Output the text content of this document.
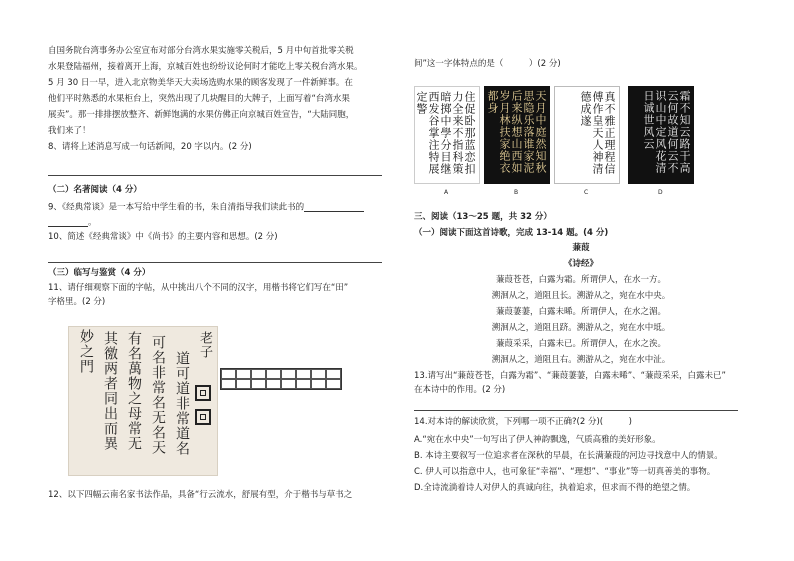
自国务院台湾事务办公室宣布对部分台湾水果实施零关税后，5 月中旬首批零关税
水果登陆福州，接着离开上海，京城百姓也纷纷议论何时才能吃上零关税台湾水果。
5 月 30 日一早，进入北京物美华天大卖场选购水果的顾客发现了一件新鲜事。在
他们平时熟悉的水果柜台上，突然出现了几块醒目的大牌子，上面写着“台湾水果
展卖”。那一排排摆放整齐、新鲜饱满的水果仿佛正向京城百姓宣告，“大陆同胞，
我们来了！
8、请将上述消息写成一句话新闻，20 字以内。(2 分)
（二）名著阅读（4 分）
9、《经典常谈》是一本写给中学生看的书，朱自清指导我们读此书的
。
10、简述《经典常谈》中《尚书》的主要内容和思想。(2 分)
（三）临写与鉴赏（4 分）
11、请仔细观察下面的字帖，从中挑出八个不同的汉字，用楷书将它们写在“田”
字格里。(2 分)
老子
道可道非常道名
可名非常名无名天
有名萬物之母常无
其徼两者同出而異
妙之門
12、以下四幅云南名家书法作品，具备“行云流水，舒展有型，介于楷书与草书之
间”这一字体特点的是（　　　）(2 分)
住促卧那蓝恋扣力全来不指科策暗掷中學分目继西发谷掌注特展定警	天月中庭然知秋思隐乐落谁家泥后来纵想山西如岁月林扶家绝衣都身	真不雅正理程信傅作皇天人神清德成遂	霜不知云路干高云何故道何云不识山中定风花清日诚世风云
A	B	C	D
三、阅读（13～25 题，共 32 分）
（一）阅读下面这首诗歌，完成 13-14 题。(4 分)
蒹葭
《诗经》
蒹葭苍苍，白露为霜。所谓伊人，在水一方。
溯洄从之，道阻且长。溯游从之，宛在水中央。
蒹葭萋萋，白露未晞。所谓伊人，在水之湄。
溯洄从之，道阻且跻。溯游从之，宛在水中坻。
蒹葭采采，白露未已。所谓伊人，在水之涘。
溯洄从之，道阻且右。溯游从之，宛在水中沚。
13.请写出“蒹葭苍苍，白露为霜”、“蒹葭萋萋，白露未晞”、“蒹葭采采，白露未已”
在本诗中的作用。(2 分)
14.对本诗的解读欣赏，下列哪一项不正确?(2 分)(　　　)
A.“宛在水中央”一句写出了伊人神韵飘逸，气质高雅的美好形象。
B. 本诗主要叙写一位追求者在深秋的早晨，在长满蒹葭的河边寻找意中人的情景。
C. 伊人可以指意中人，也可象征“幸福”、“理想”、“事业”等一切真善美的事物。
D.全诗流淌着诗人对伊人的真诚向往，执着追求，但求而不得的绝望之情。
